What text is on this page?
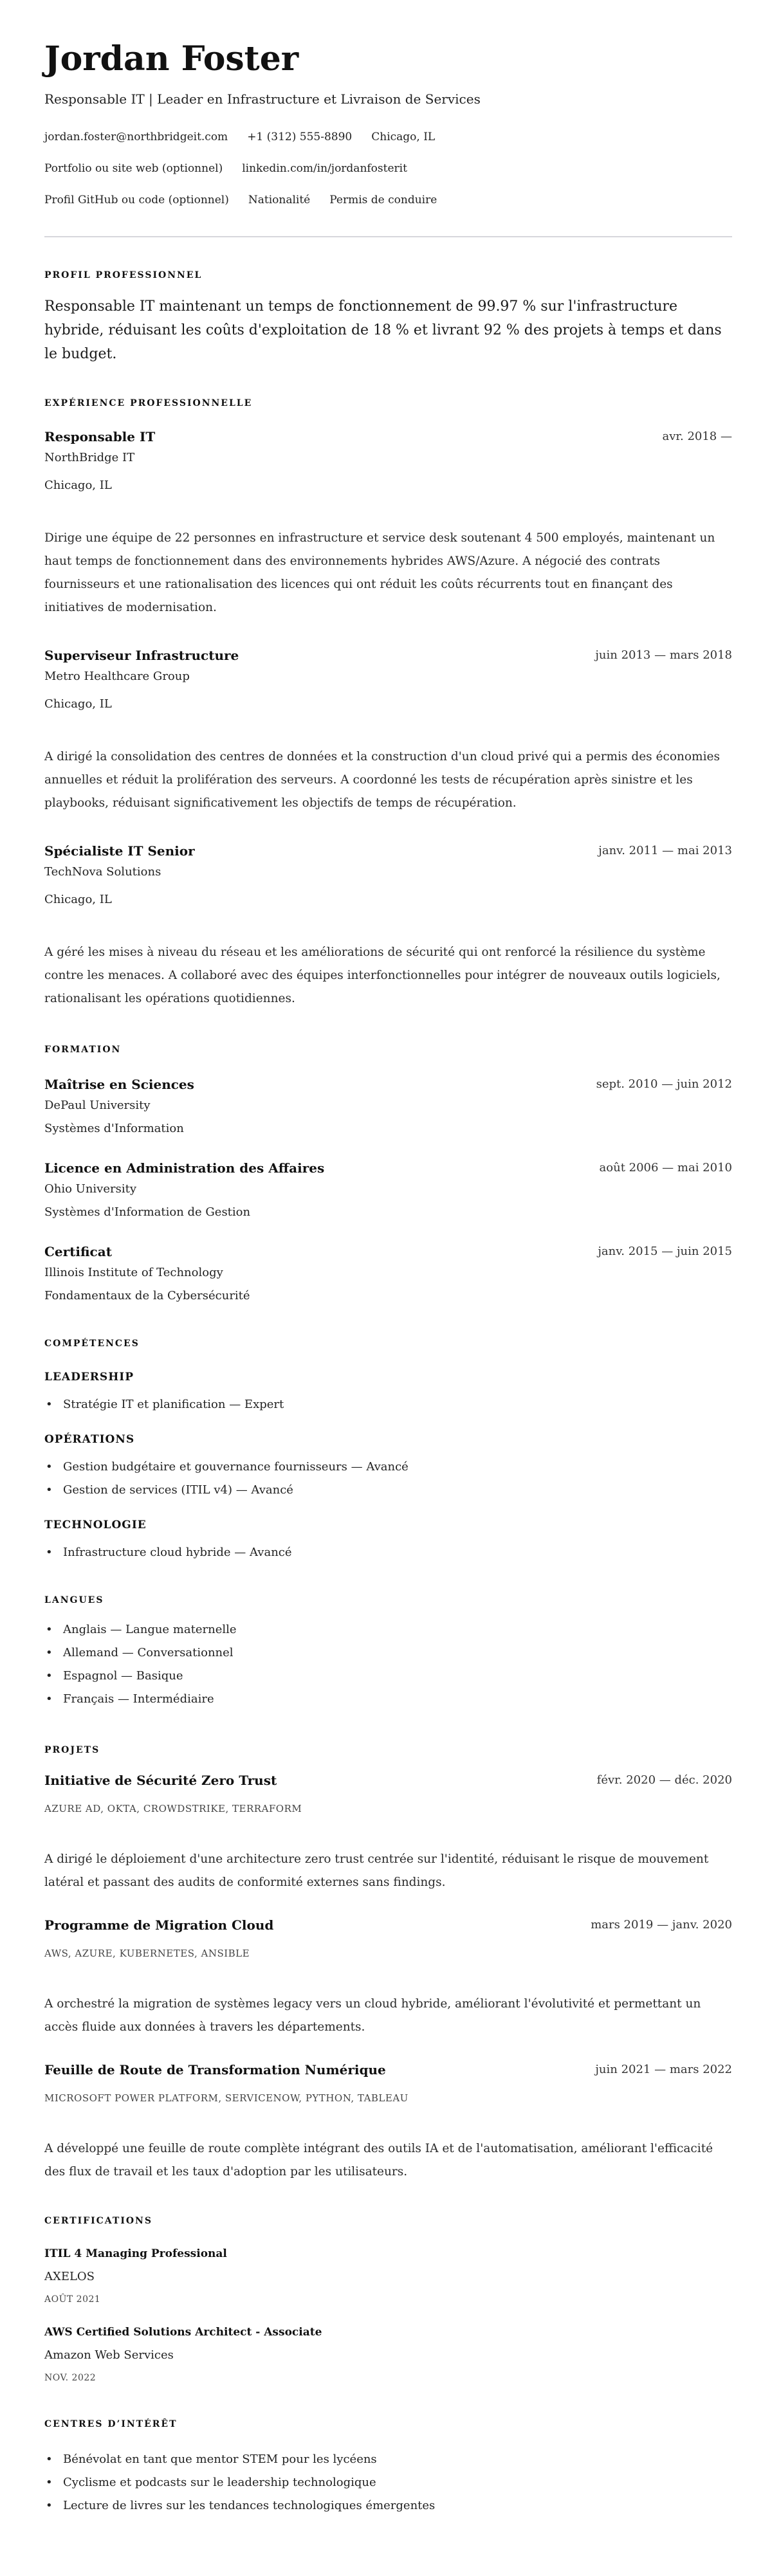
Jordan Foster
Responsable IT | Leader en Infrastructure et Livraison de Services
jordan.foster@northbridgeit.com +1 (312) 555-8890 Chicago, IL
Portfolio ou site web (optionnel) linkedin.com/in/jordanfosterit
Profil GitHub ou code (optionnel) Nationalité Permis de conduire
PROFIL PROFESSIONNEL

Responsable IT maintenant un temps de fonctionnement de 99.97 % sur l'infrastructure hybride, réduisant les coûts d'exploitation de 18 % et livrant 92 % des projets à temps et dans le budget.

EXPÉRIENCE PROFESSIONNELLE
Responsable IT	avr. 2018 —
NorthBridge IT
Chicago, IL

Dirige une équipe de 22 personnes en infrastructure et service desk soutenant 4 500 employés, maintenant un haut temps de fonctionnement dans des environnements hybrides AWS/Azure. A négocié des contrats fournisseurs et une rationalisation des licences qui ont réduit les coûts récurrents tout en finançant des initiatives de modernisation.

Superviseur Infrastructure	juin 2013 — mars 2018
Metro Healthcare Group
Chicago, IL

A dirigé la consolidation des centres de données et la construction d'un cloud privé qui a permis des économies annuelles et réduit la prolifération des serveurs. A coordonné les tests de récupération après sinistre et les playbooks, réduisant significativement les objectifs de temps de récupération.

Spécialiste IT Senior	janv. 2011 — mai 2013
TechNova Solutions
Chicago, IL

A géré les mises à niveau du réseau et les améliorations de sécurité qui ont renforcé la résilience du système contre les menaces. A collaboré avec des équipes interfonctionnelles pour intégrer de nouveaux outils logiciels, rationalisant les opérations quotidiennes.

FORMATION
Maîtrise en Sciences	sept. 2010 — juin 2012
DePaul University
Systèmes d'Information
Licence en Administration des Affaires	août 2006 — mai 2010
Ohio University
Systèmes d'Information de Gestion
Certificat	janv. 2015 — juin 2015
Illinois Institute of Technology
Fondamentaux de la Cybersécurité
COMPÉTENCES
LEADERSHIP
• Stratégie IT et planification — Expert
OPÉRATIONS
• Gestion budgétaire et gouvernance fournisseurs — Avancé
• Gestion de services (ITIL v4) — Avancé
TECHNOLOGIE
• Infrastructure cloud hybride — Avancé
LANGUES
• Anglais — Langue maternelle
• Allemand — Conversationnel
• Espagnol — Basique
• Français — Intermédiaire
PROJETS
Initiative de Sécurité Zero Trust	févr. 2020 — déc. 2020
AZURE AD, OKTA, CROWDSTRIKE, TERRAFORM

A dirigé le déploiement d'une architecture zero trust centrée sur l'identité, réduisant le risque de mouvement latéral et passant des audits de conformité externes sans findings.

Programme de Migration Cloud	mars 2019 — janv. 2020
AWS, AZURE, KUBERNETES, ANSIBLE

A orchestré la migration de systèmes legacy vers un cloud hybride, améliorant l'évolutivité et permettant un accès fluide aux données à travers les départements.

Feuille de Route de Transformation Numérique	juin 2021 — mars 2022
MICROSOFT POWER PLATFORM, SERVICENOW, PYTHON, TABLEAU

A développé une feuille de route complète intégrant des outils IA et de l'automatisation, améliorant l'efficacité des flux de travail et les taux d'adoption par les utilisateurs.

CERTIFICATIONS
ITIL 4 Managing Professional
AXELOS
AOÛT 2021
AWS Certified Solutions Architect - Associate
Amazon Web Services
NOV. 2022
CENTRES D’INTÉRÊT
• Bénévolat en tant que mentor STEM pour les lycéens
• Cyclisme et podcasts sur le leadership technologique
• Lecture de livres sur les tendances technologiques émergentes
